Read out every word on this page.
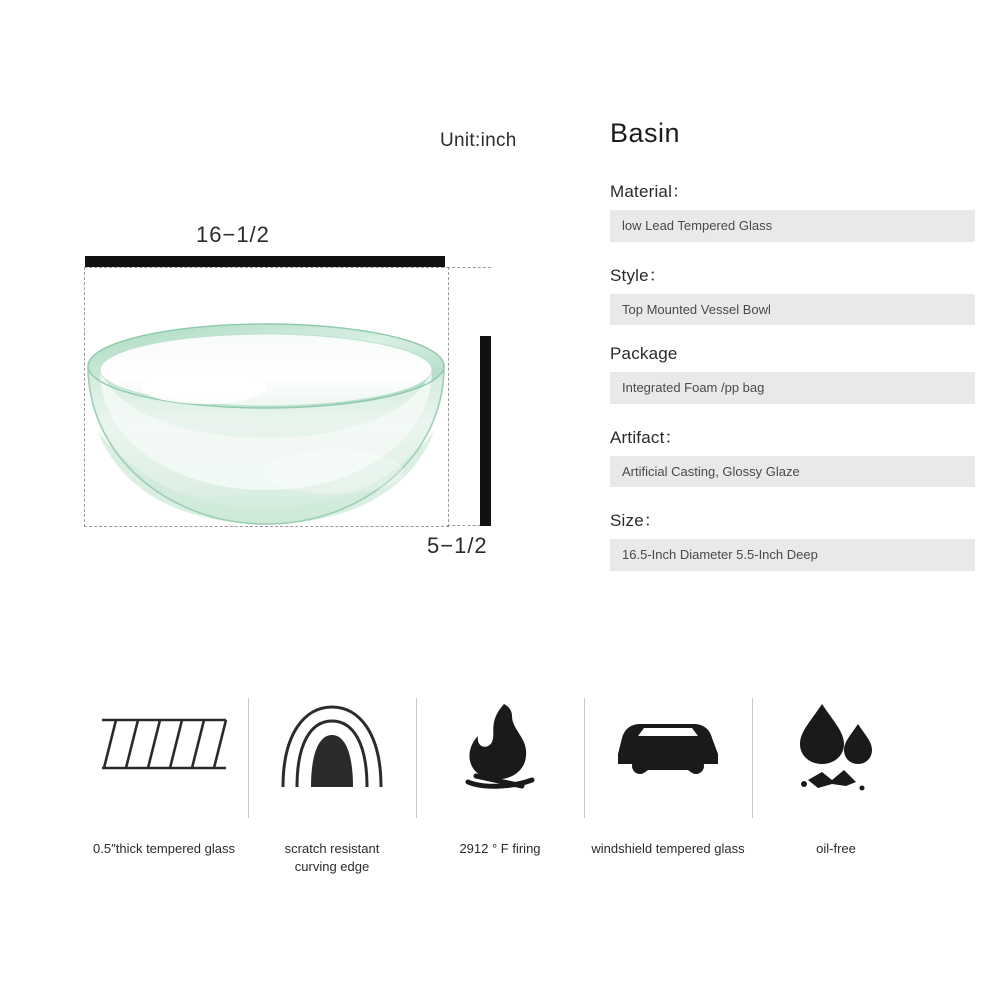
Unit:inch
16−1/2
5−1/2
Basin
Material：
low Lead Tempered Glass
Style：
Top Mounted Vessel Bowl
Package
Integrated Foam /pp bag
Artifact：
Artificial Casting, Glossy Glaze
Size：
16.5-Inch Diameter 5.5-Inch Deep
0.5″thick tempered glass	scratch resistant
curving edge
2912 ° F firing	windshield tempered glass	oil-free
